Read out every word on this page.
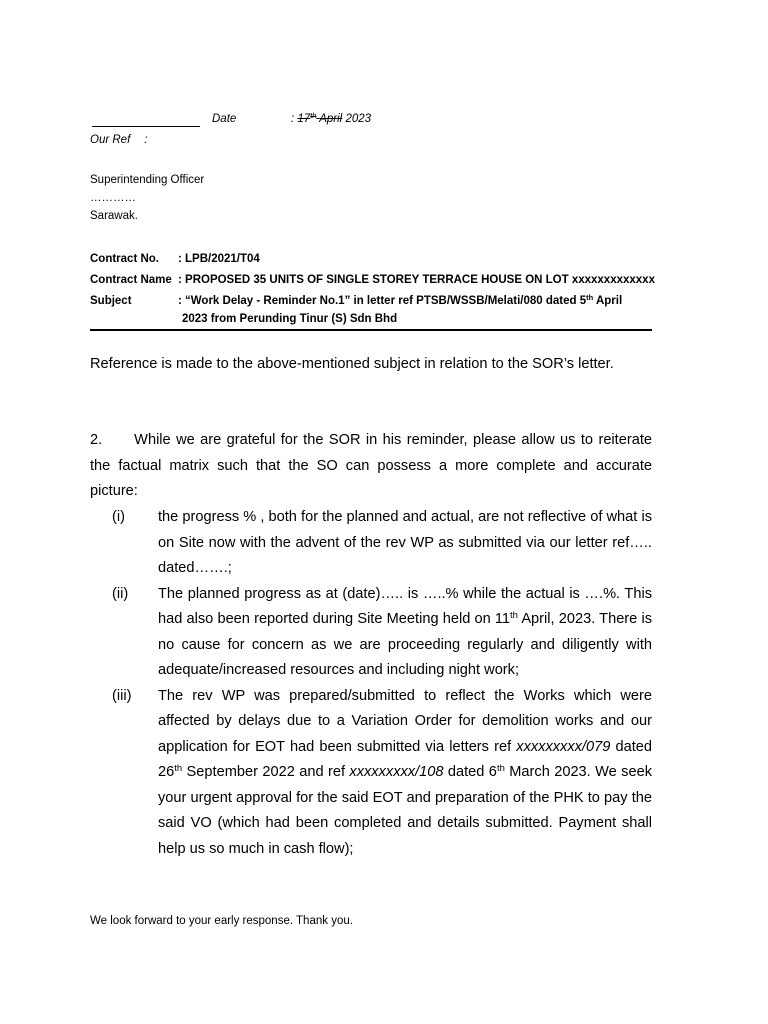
Date	: 17th April 2023
Our Ref :
Superintending Officer
…………
Sarawak.
Contract No.	: LPB/2021/T04
Contract Name : PROPOSED 35 UNITS OF SINGLE STOREY TERRACE HOUSE ON LOT xxxxxxxxxxxxx
Subject	: “Work Delay - Reminder No.1” in letter ref PTSB/WSSB/Melati/080 dated 5th April
2023 from Perunding Tinur (S) Sdn Bhd
Reference is made to the above-mentioned subject in relation to the SOR’s letter.
2. While we are grateful for the SOR in his reminder, please allow us to reiterate the factual matrix such that the SO can possess a more complete and accurate picture:
(i)	the progress % , both for the planned and actual, are not reflective of what is on Site now with the advent of the rev WP as submitted via our letter ref….. dated…….;
(ii)	The planned progress as at (date)….. is …..% while the actual is ….%. This had also been reported during Site Meeting held on 11th April, 2023. There is no cause for concern as we are proceeding regularly and diligently with adequate/increased resources and including night work;
(iii)	The rev WP was prepared/submitted to reflect the Works which were affected by delays due to a Variation Order for demolition works and our application for EOT had been submitted via letters ref xxxxxxxxx/079 dated 26th September 2022 and ref xxxxxxxxx/108 dated 6th March 2023. We seek your urgent approval for the said EOT and preparation of the PHK to pay the said VO (which had been completed and details submitted. Payment shall help us so much in cash flow);
We look forward to your early response. Thank you.
